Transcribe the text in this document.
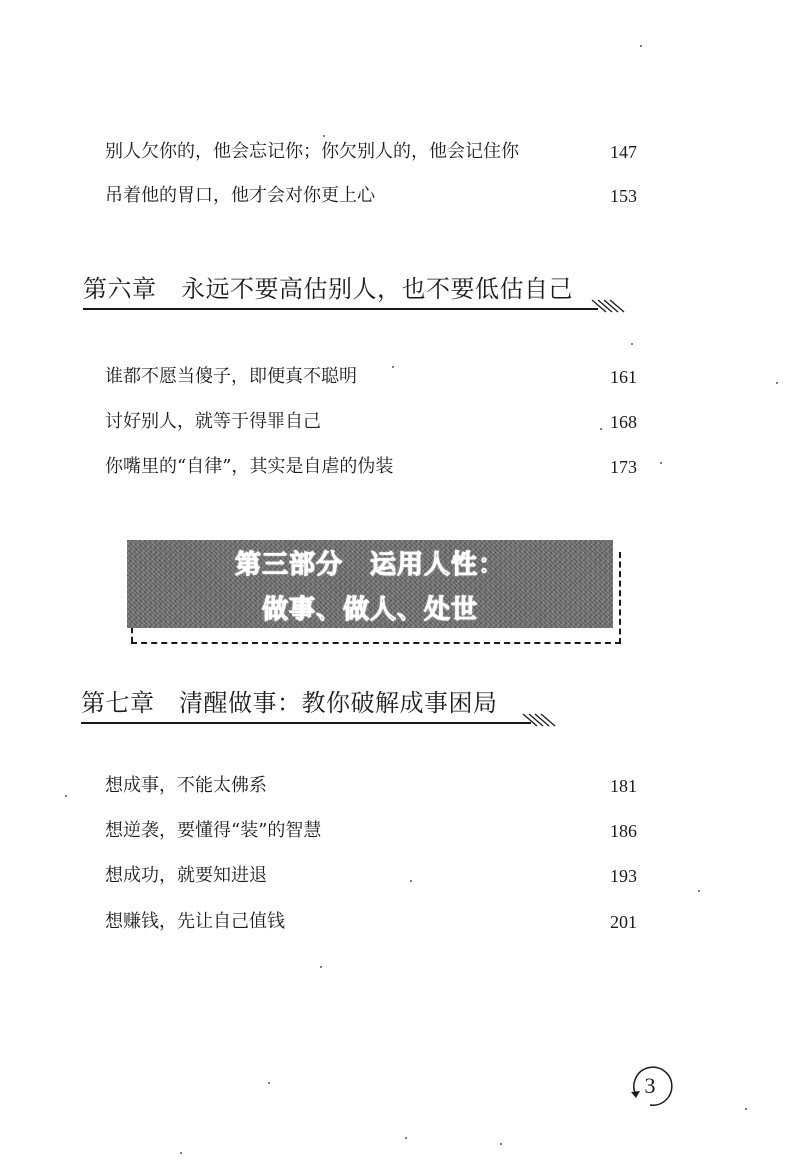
别人欠你的，他会忘记你；你欠别人的，他会记住你	147
吊着他的胃口，他才会对你更上心	153
第六章　永远不要高估别人，也不要低估自己
谁都不愿当傻子，即便真不聪明	161
讨好别人，就等于得罪自己	168
你嘴里的“自律”，其实是自虐的伪装	173
第三部分　运用人性：
做事、做人、处世
第七章　清醒做事：教你破解成事困局
想成事，不能太佛系	181
想逆袭，要懂得“装”的智慧	186
想成功，就要知进退	193
想赚钱，先让自己值钱	201
3
